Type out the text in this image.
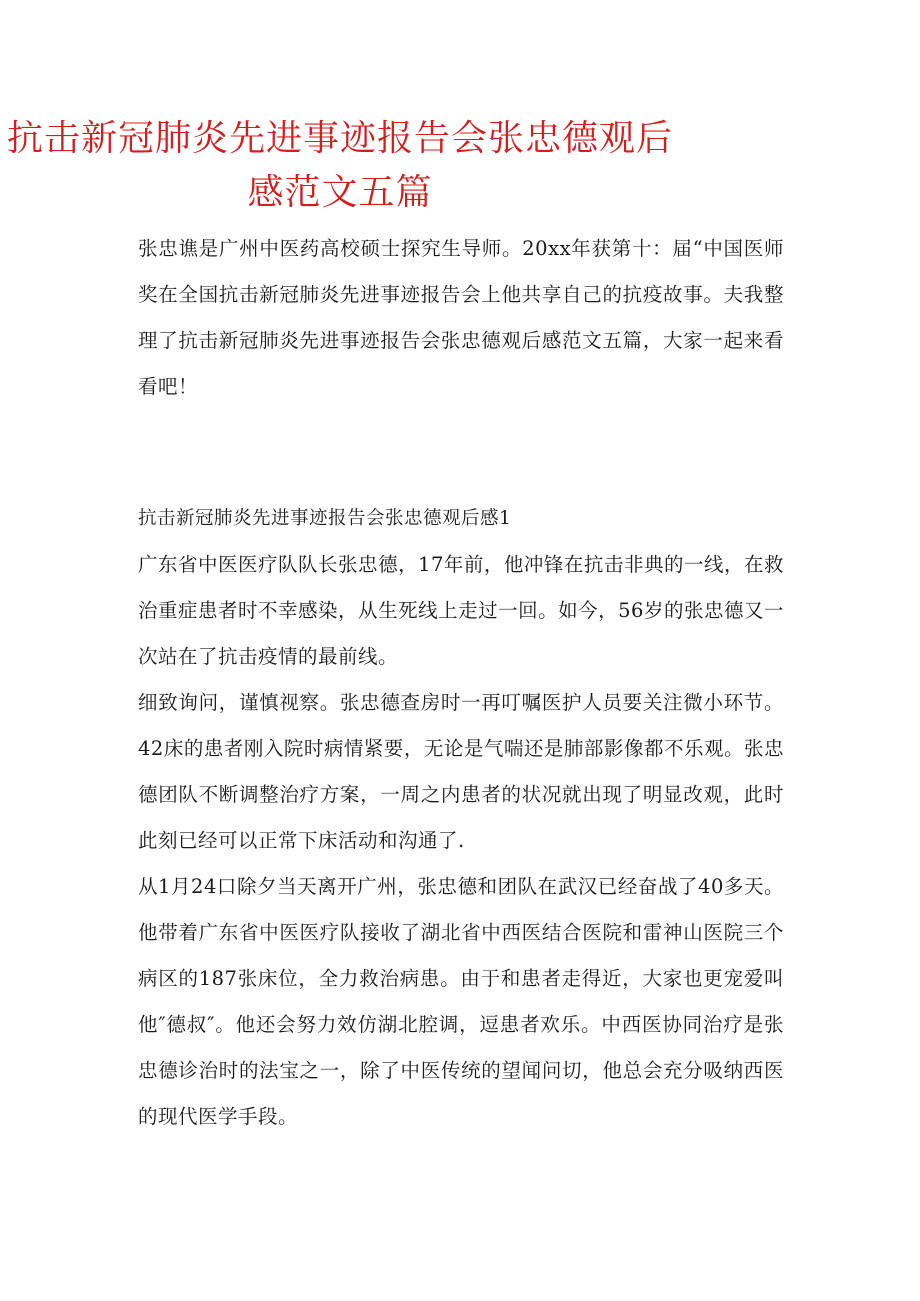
抗击新冠肺炎先进事迹报告会张忠德观后感范文五篇

张忠谯是广州中医药高校硕士探究生导师。20xx年获第十：届“中国医师奖在全国抗击新冠肺炎先进事迹报告会上他共享自己的抗疫故事。夫我整理了抗击新冠肺炎先进事迹报告会张忠德观后感范文五篇，大家一起来看看吧！

抗击新冠肺炎先进事迹报告会张忠德观后感1

广东省中医医疗队队长张忠德，17年前，他冲锋在抗击非典的一线，在救治重症患者时不幸感染，从生死线上走过一回。如今，56岁的张忠德又一次站在了抗击疫情的最前线。

细致询问，谨慎视察。张忠德查房时一再叮嘱医护人员要关注微小环节。42床的患者刚入院时病情紧要，无论是气喘还是肺部影像都不乐观。张忠德团队不断调整治疗方案，一周之内患者的状况就出现了明显改观，此时此刻已经可以正常下床活动和沟通了.

从1月24口除夕当天离开广州，张忠德和团队在武汉已经奋战了40多天。他带着广东省中医医疗队接收了湖北省中西医结合医院和雷神山医院三个病区的187张床位，全力救治病患。由于和患者走得近，大家也更宠爱叫他″德叔″。他还会努力效仿湖北腔调，逗患者欢乐。中西医协同治疗是张忠德诊治时的法宝之一，除了中医传统的望闻问切，他总会充分吸纳西医的现代医学手段。
